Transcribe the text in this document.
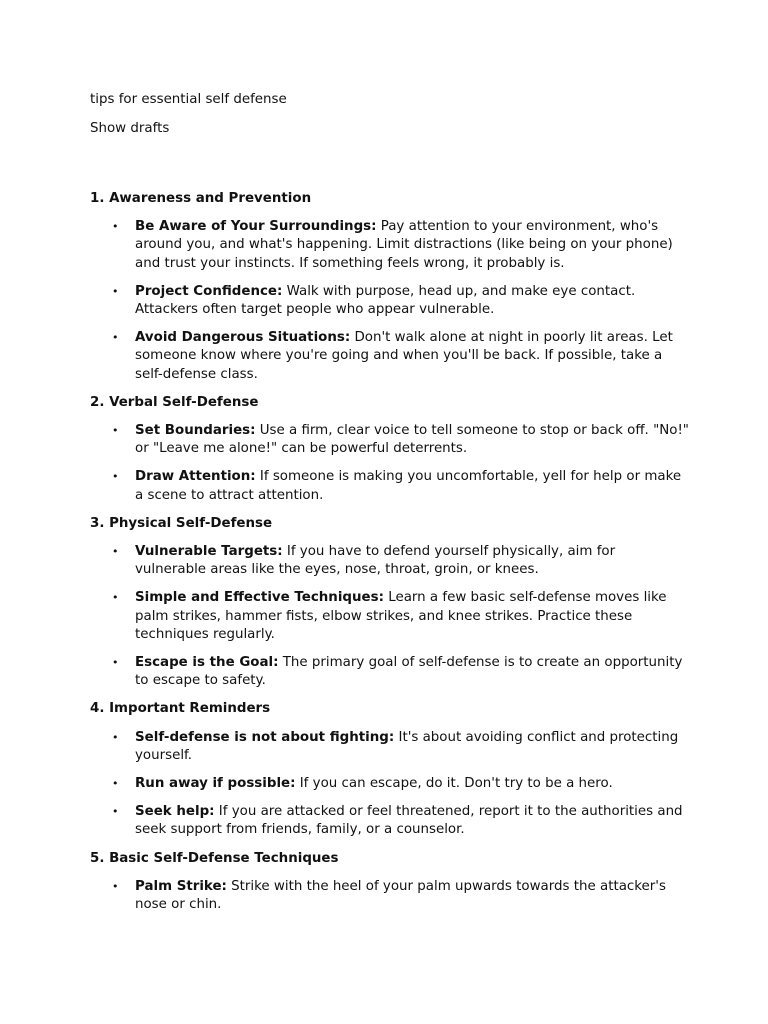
tips for essential self defense

Show drafts

1. Awareness and Prevention

• Be Aware of Your Surroundings: Pay attention to your environment, who's around you, and what's happening. Limit distractions (like being on your phone) and trust your instincts. If something feels wrong, it probably is.
• Project Confidence: Walk with purpose, head up, and make eye contact. Attackers often target people who appear vulnerable.
• Avoid Dangerous Situations: Don't walk alone at night in poorly lit areas. Let someone know where you're going and when you'll be back. If possible, take a self-defense class.

2. Verbal Self-Defense

• Set Boundaries: Use a firm, clear voice to tell someone to stop or back off. "No!" or "Leave me alone!" can be powerful deterrents.
• Draw Attention: If someone is making you uncomfortable, yell for help or make a scene to attract attention.

3. Physical Self-Defense

• Vulnerable Targets: If you have to defend yourself physically, aim for vulnerable areas like the eyes, nose, throat, groin, or knees.
• Simple and Effective Techniques: Learn a few basic self-defense moves like palm strikes, hammer fists, elbow strikes, and knee strikes. Practice these techniques regularly.
• Escape is the Goal: The primary goal of self-defense is to create an opportunity to escape to safety.

4. Important Reminders

• Self-defense is not about fighting: It's about avoiding conflict and protecting yourself.
• Run away if possible: If you can escape, do it. Don't try to be a hero.
• Seek help: If you are attacked or feel threatened, report it to the authorities and seek support from friends, family, or a counselor.

5. Basic Self-Defense Techniques

• Palm Strike: Strike with the heel of your palm upwards towards the attacker's nose or chin.
